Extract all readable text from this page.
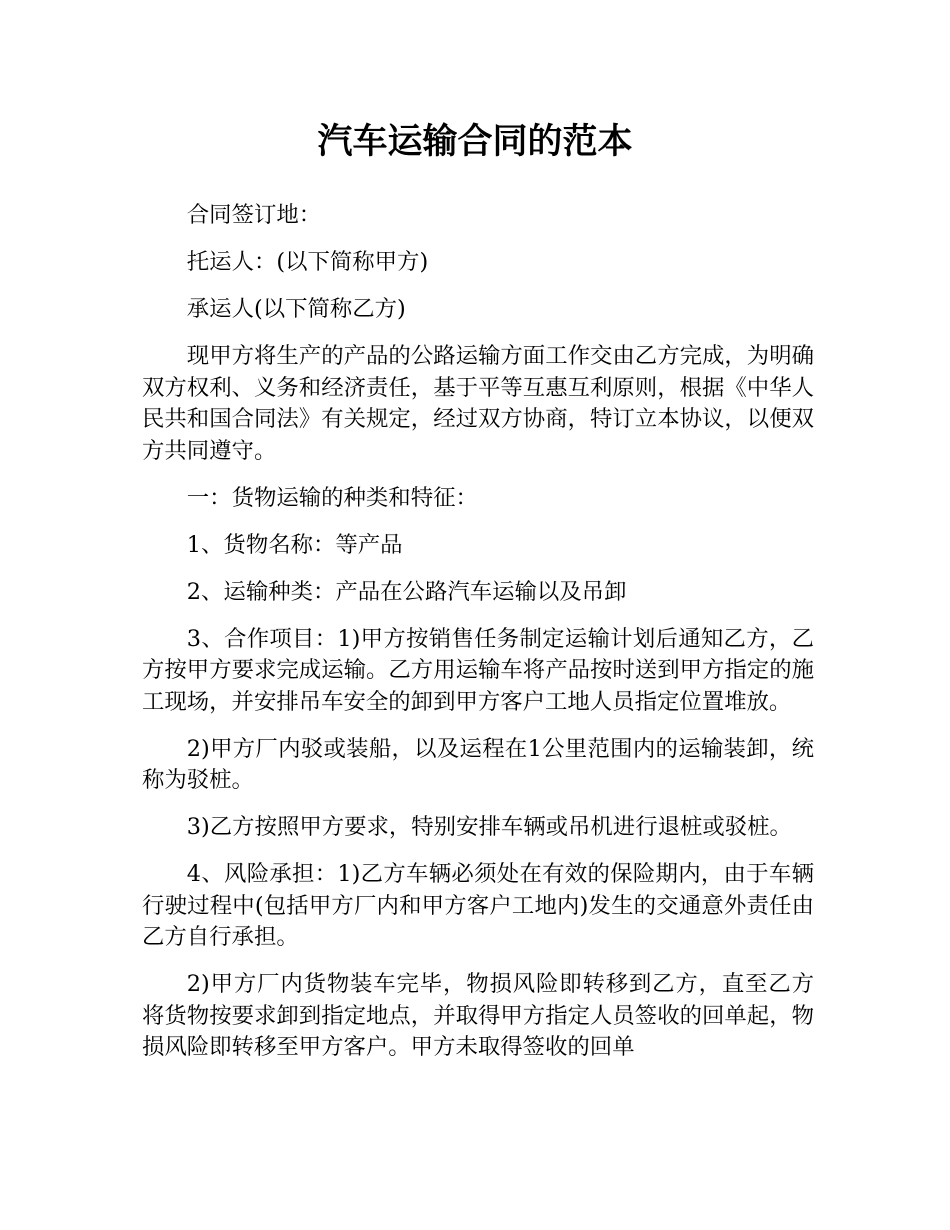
汽车运输合同的范本

合同签订地：

托运人：(以下简称甲方)

承运人(以下简称乙方)

现甲方将生产的产品的公路运输方面工作交由乙方完成，为明确双方权利、义务和经济责任，基于平等互惠互利原则，根据《中华人民共和国合同法》有关规定，经过双方协商，特订立本协议，以便双方共同遵守。

一：货物运输的种类和特征：

1、货物名称：等产品

2、运输种类：产品在公路汽车运输以及吊卸

3、合作项目：1)甲方按销售任务制定运输计划后通知乙方，乙方按甲方要求完成运输。乙方用运输车将产品按时送到甲方指定的施工现场，并安排吊车安全的卸到甲方客户工地人员指定位置堆放。

2)甲方厂内驳或装船，以及运程在1公里范围内的运输装卸，统称为驳桩。

3)乙方按照甲方要求，特别安排车辆或吊机进行退桩或驳桩。

4、风险承担：1)乙方车辆必须处在有效的保险期内，由于车辆行驶过程中(包括甲方厂内和甲方客户工地内)发生的交通意外责任由乙方自行承担。

2)甲方厂内货物装车完毕，物损风险即转移到乙方，直至乙方将货物按要求卸到指定地点，并取得甲方指定人员签收的回单起，物损风险即转移至甲方客户。甲方未取得签收的回单
